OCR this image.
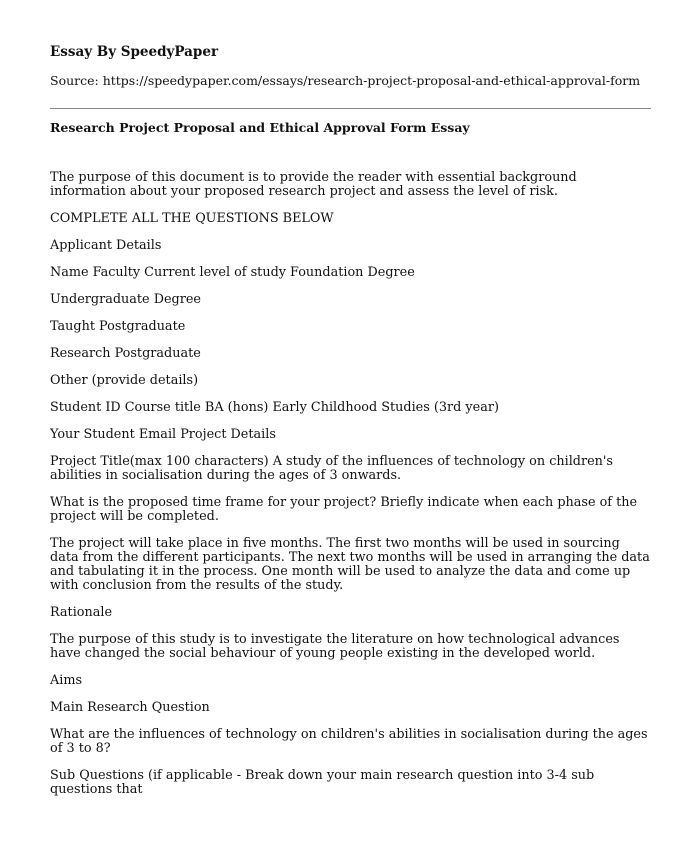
Essay By SpeedyPaper
Source: https://speedypaper.com/essays/research-project-proposal-and-ethical-approval-form
Research Project Proposal and Ethical Approval Form Essay

The purpose of this document is to provide the reader with essential background information about your proposed research project and assess the level of risk.

COMPLETE ALL THE QUESTIONS BELOW

Applicant Details

Name Faculty Current level of study Foundation Degree

Undergraduate Degree

Taught Postgraduate

Research Postgraduate

Other (provide details)

Student ID Course title BA (hons) Early Childhood Studies (3rd year)

Your Student Email Project Details

Project Title(max 100 characters) A study of the influences of technology on children's abilities in socialisation during the ages of 3 onwards.

What is the proposed time frame for your project? Briefly indicate when each phase of the project will be completed.

The project will take place in five months. The first two months will be used in sourcing data from the different participants. The next two months will be used in arranging the data and tabulating it in the process. One month will be used to analyze the data and come up with conclusion from the results of the study.

Rationale

The purpose of this study is to investigate the literature on how technological advances have changed the social behaviour of young people existing in the developed world.

Aims

Main Research Question

What are the influences of technology on children's abilities in socialisation during the ages of 3 to 8?

Sub Questions (if applicable - Break down your main research question into 3-4 sub questions that
